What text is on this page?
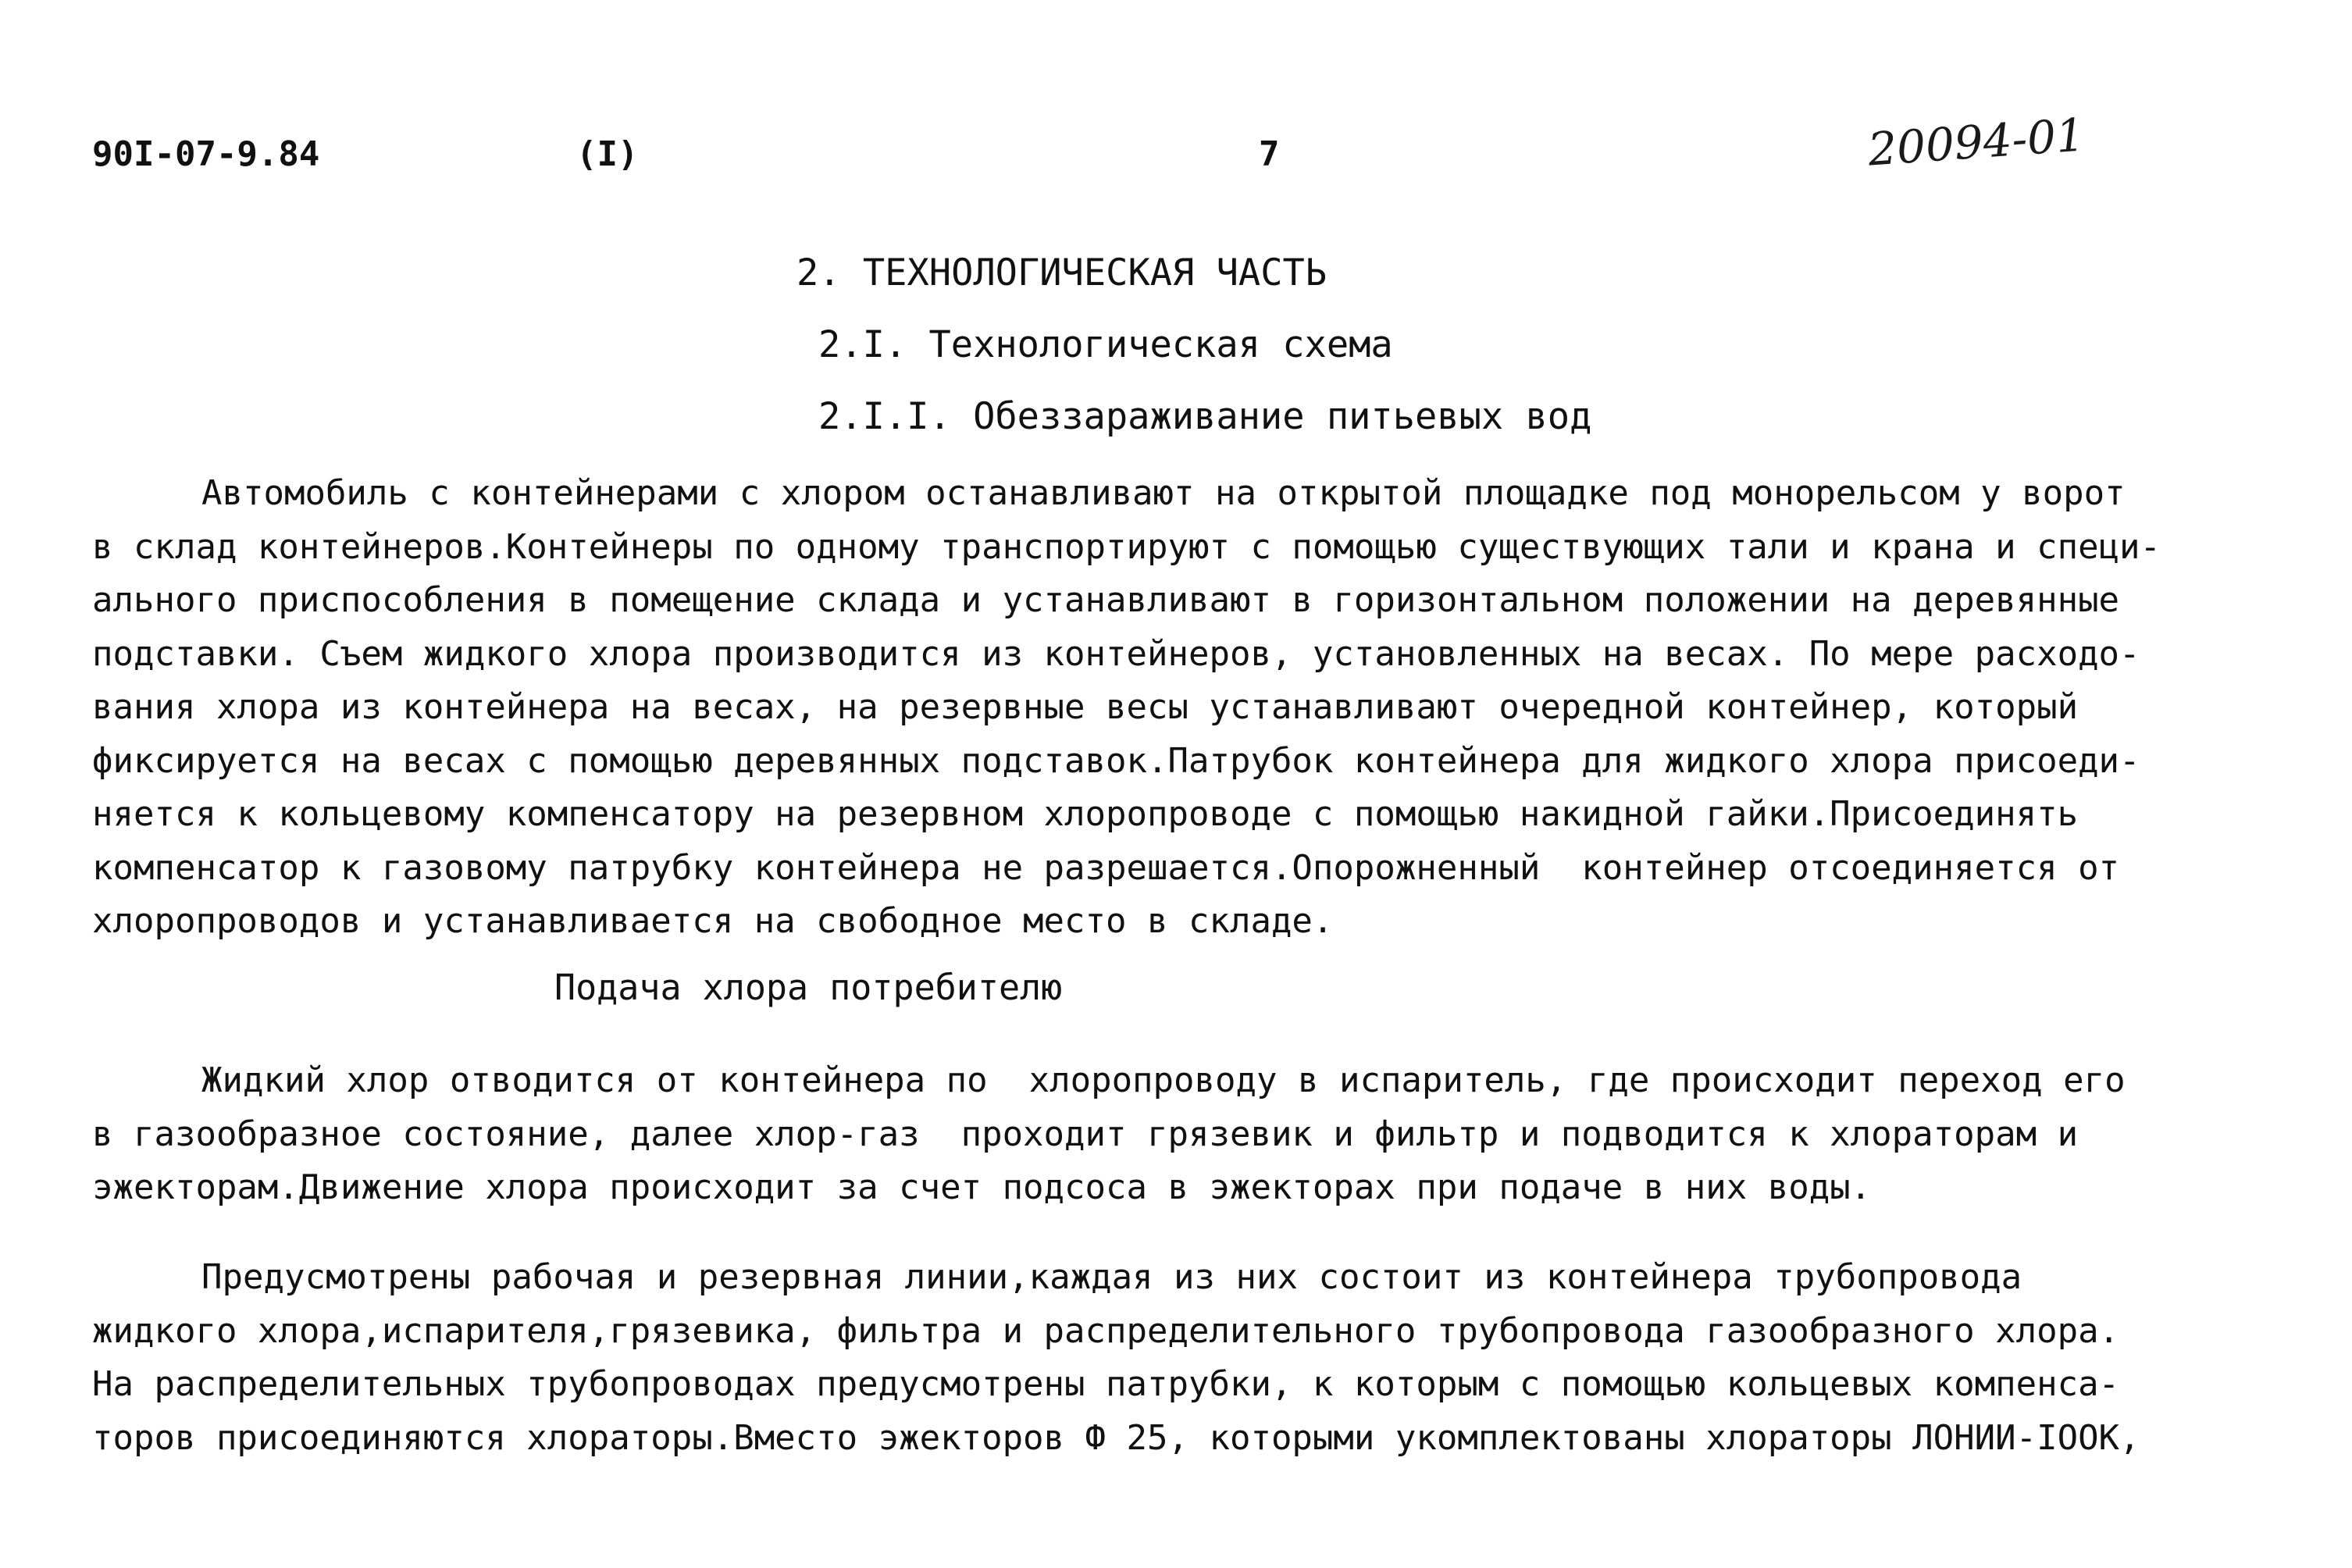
90I-07-9.84	(I)	7	20094-01
2. ТЕХНОЛОГИЧЕСКАЯ ЧАСТЬ
2.I. Технологическая схема
2.I.I. Обеззараживание питьевых вод
Автомобиль с контейнерами с хлором останавливают на открытой площадке под монорельсом у ворот
в склад контейнеров.Контейнеры по одному транспортируют с помощью существующих тали и крана и специ-
ального приспособления в помещение склада и устанавливают в горизонтальном положении на деревянные
подставки. Съем жидкого хлора производится из контейнеров, установленных на весах. По мере расходо-
вания хлора из контейнера на весах, на резервные весы устанавливают очередной контейнер, который
фиксируется на весах с помощью деревянных подставок.Патрубок контейнера для жидкого хлора присоеди-
няется к кольцевому компенсатору на резервном хлоропроводе с помощью накидной гайки.Присоединять
компенсатор к газовому патрубку контейнера не разрешается.Опорожненный  контейнер отсоединяется от
хлоропроводов и устанавливается на свободное место в складе.
Подача хлора потребителю
Жидкий хлор отводится от контейнера по  хлоропроводу в испаритель, где происходит переход его
в газообразное состояние, далее хлор-газ  проходит грязевик и фильтр и подводится к хлораторам и
эжекторам.Движение хлора происходит за счет подсоса в эжекторах при подаче в них воды.
Предусмотрены рабочая и резервная линии,каждая из них состоит из контейнера трубопровода
жидкого хлора,испарителя,грязевика, фильтра и распределительного трубопровода газообразного хлора.
На распределительных трубопроводах предусмотрены патрубки, к которым с помощью кольцевых компенса-
торов присоединяются хлораторы.Вместо эжекторов Ф 25, которыми укомплектованы хлораторы ЛОНИИ-IOOК,
